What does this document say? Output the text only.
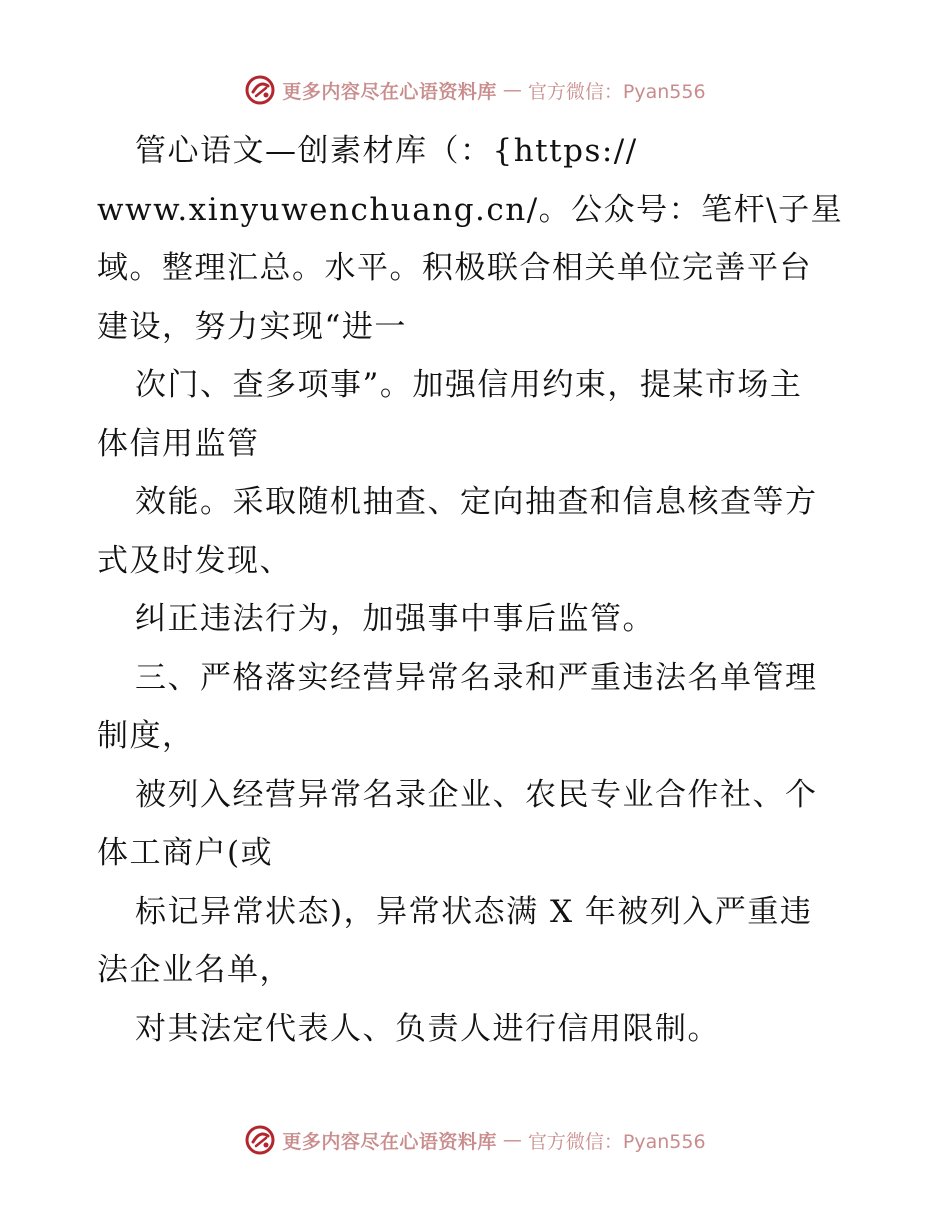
更多内容尽在心语资料库 — 官方微信：Pyan556

管心语文—创素材库（：{https://

www.xinyuwenchuang.cn/。公众号：笔杆\子星

域。整理汇总。水平。积极联合相关单位完善平台

建设，努力实现“进一

次门、查多项事”。加强信用约束，提某市场主

体信用监管

效能。采取随机抽查、定向抽查和信息核查等方

式及时发现、

纠正违法行为，加强事中事后监管。

三、严格落实经营异常名录和严重违法名单管理

制度，

被列入经营异常名录企业、农民专业合作社、个

体工商户(或

标记异常状态)，异常状态满 X 年被列入严重违

法企业名单，

对其法定代表人、负责人进行信用限制。

更多内容尽在心语资料库 — 官方微信：Pyan556
